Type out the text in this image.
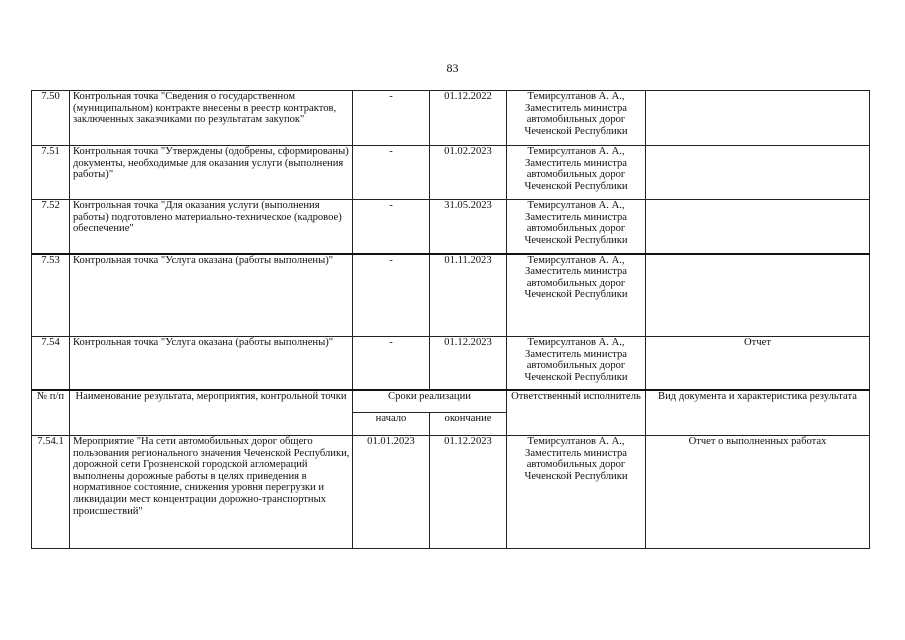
83
7.50	Контрольная точка "Сведения о государственном (муниципальном) контракте внесены в реестр контрактов, заключенных заказчиками по результатам закупок"	-	01.12.2022	Темирсултанов А. А., Заместитель министра автомобильных дорог Чеченской Республики	
7.51	Контрольная точка "Утверждены (одобрены, сформированы) документы, необходимые для оказания услуги (выполнения работы)"	-	01.02.2023	Темирсултанов А. А., Заместитель министра автомобильных дорог Чеченской Республики	
7.52	Контрольная точка "Для оказания услуги (выполнения работы) подготовлено материально-техническое (кадровое) обеспечение"	-	31.05.2023	Темирсултанов А. А., Заместитель министра автомобильных дорог Чеченской Республики	
7.53	Контрольная точка "Услуга оказана (работы выполнены)"	-	01.11.2023	Темирсултанов А. А., Заместитель министра автомобильных дорог Чеченской Республики	
7.54	Контрольная точка "Услуга оказана (работы выполнены)"	-	01.12.2023	Темирсултанов А. А., Заместитель министра автомобильных дорог Чеченской Республики	Отчет
№ п/п	Наименование результата, мероприятия, контрольной точки	Сроки реализации		Ответственный исполнитель	Вид документа и характеристика результата
		начало	окончание		
7.54.1	Мероприятие "На сети автомобильных дорог общего пользования регионального значения Чеченской Республики, дорожной сети Грозненской городской агломераций выполнены дорожные работы в целях приведения в нормативное состояние, снижения уровня перегрузки и ликвидации мест концентрации дорожно-транспортных происшествий"	01.01.2023	01.12.2023	Темирсултанов А. А., Заместитель министра автомобильных дорог Чеченской Республики	Отчет о выполненных работах
